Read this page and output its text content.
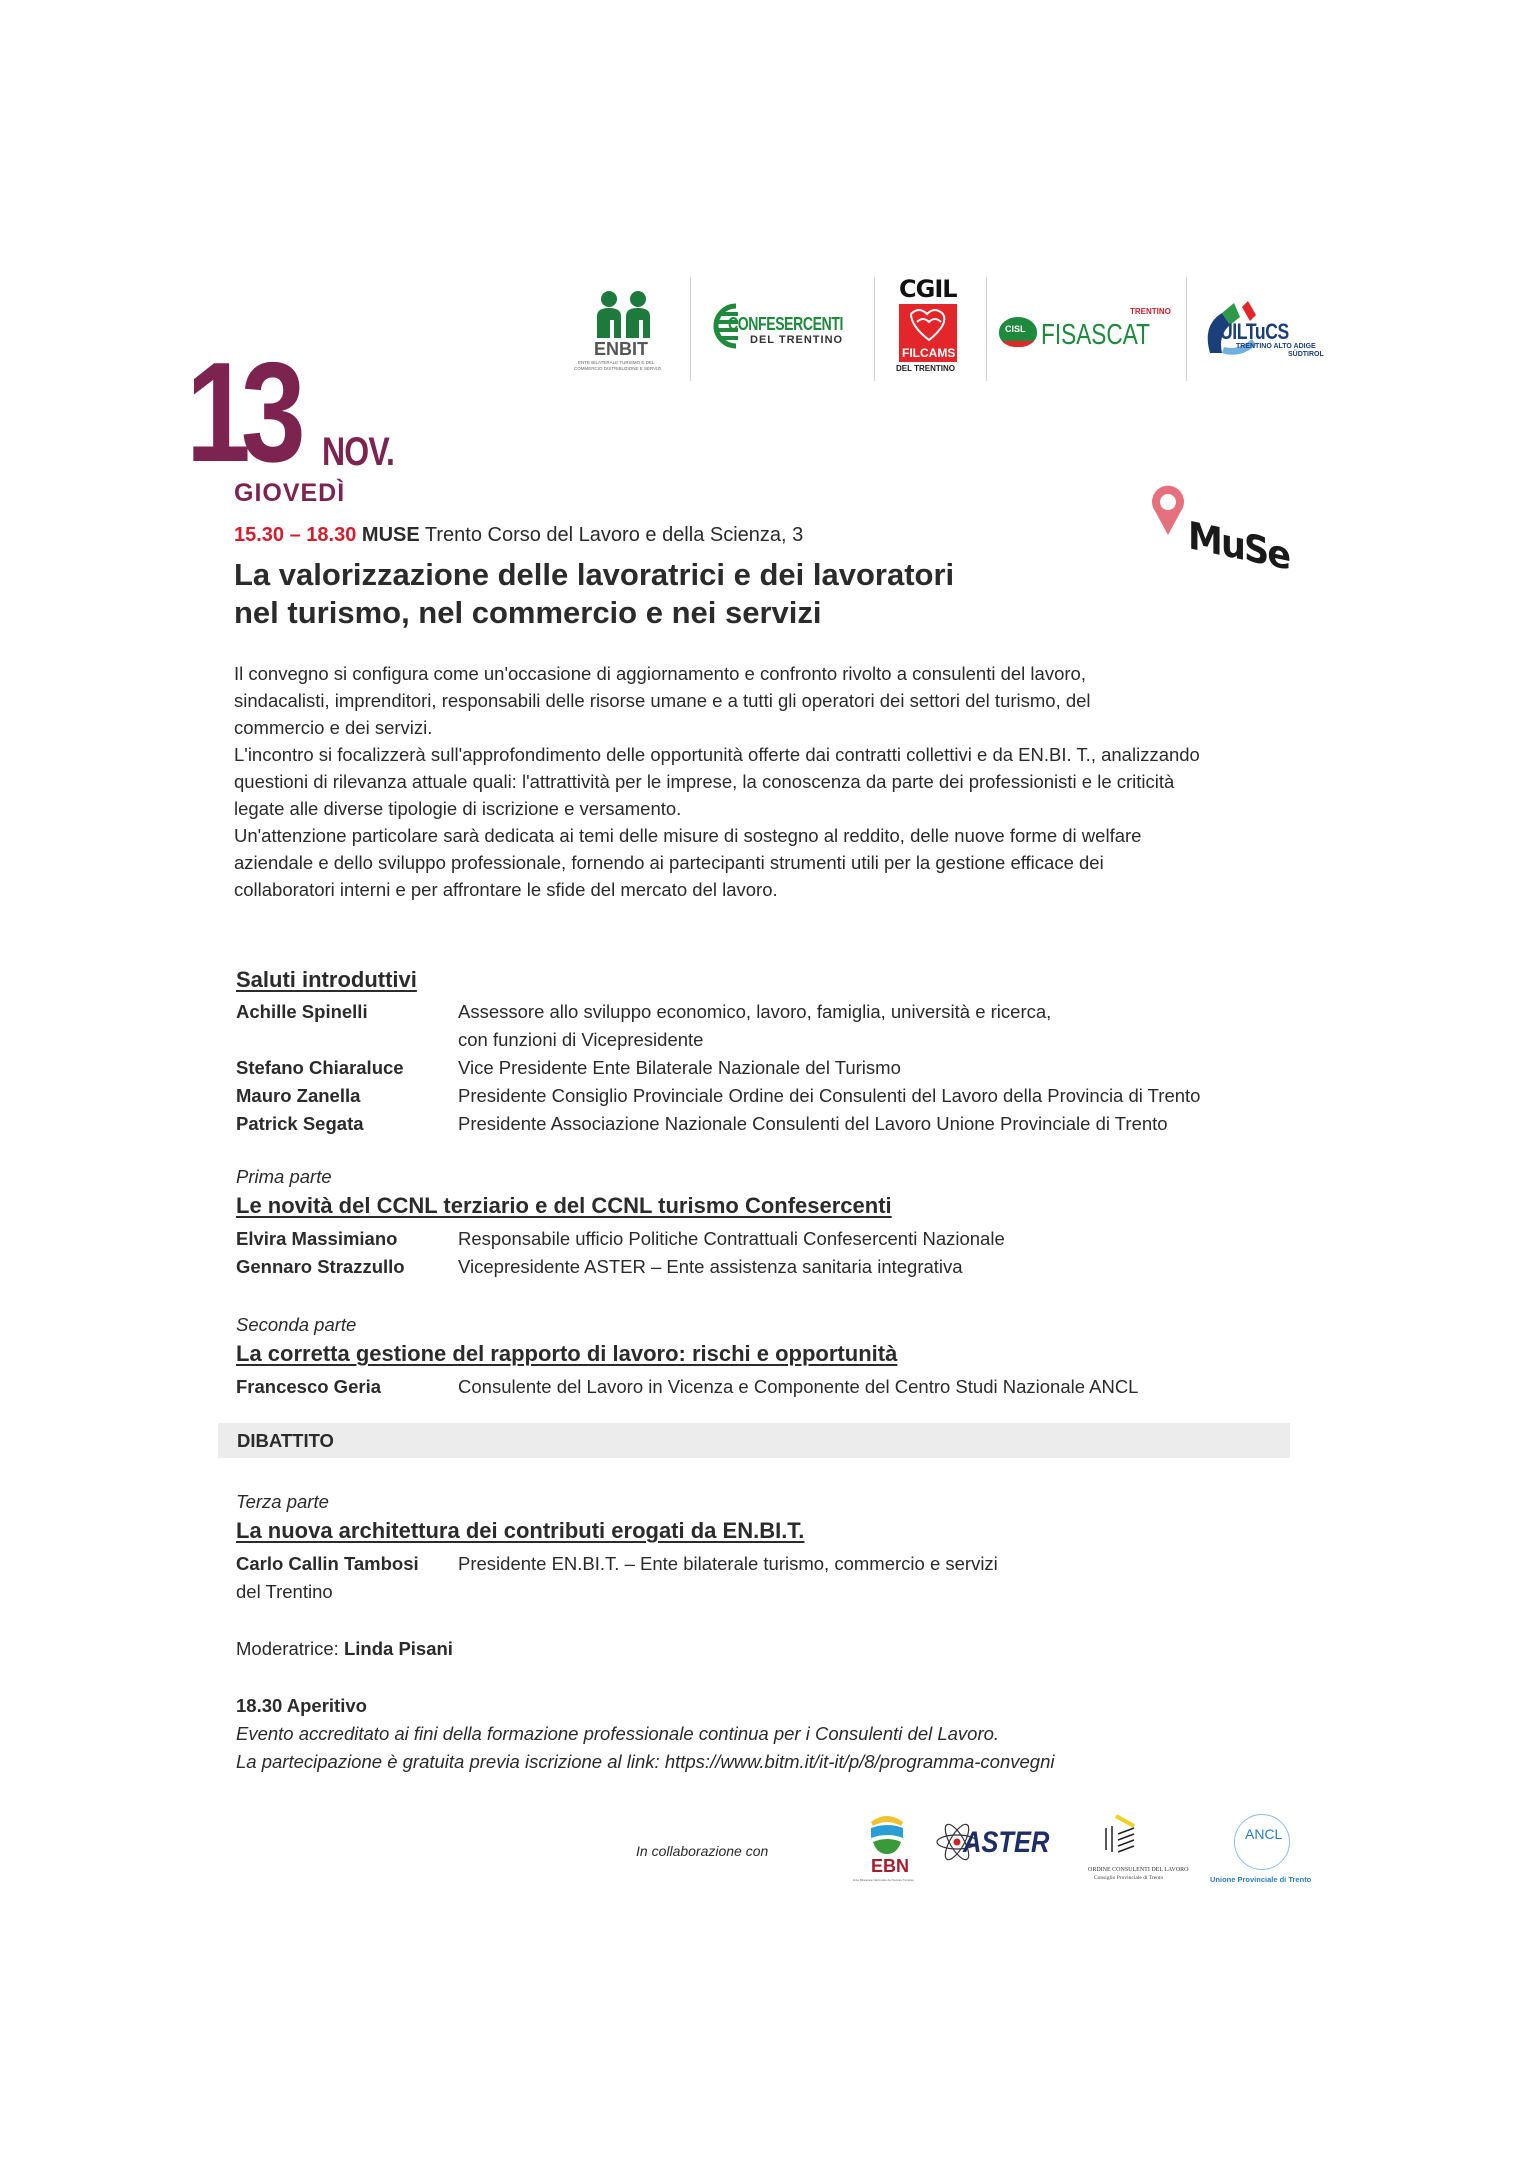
ENBIT
ENTE BILATERALE TURISMO E DEL
COMMERCIO DISTRIBUZIONE E SERVIZI
CONFESERCENTI
DEL TRENTINO
CGIL
FILCAMS
DEL TRENTINO
CISL
TRENTINO
FISASCAT	UILTuCS
TRENTINO ALTO ADIGE
SÜDTIROL
13 NOV.
GIOVEDÌ
MuSe
15.30 – 18.30 MUSE Trento Corso del Lavoro e della Scienza, 3
La valorizzazione delle lavoratrici e dei lavoratori
nel turismo, nel commercio e nei servizi

Il convegno si configura come un'occasione di aggiornamento e confronto rivolto a consulenti del lavoro,

sindacalisti, imprenditori, responsabili delle risorse umane e a tutti gli operatori dei settori del turismo, del

commercio e dei servizi.

L'incontro si focalizzerà sull'approfondimento delle opportunità offerte dai contratti collettivi e da EN.BI. T., analizzando

questioni di rilevanza attuale quali: l'attrattività per le imprese, la conoscenza da parte dei professionisti e le criticità

legate alle diverse tipologie di iscrizione e versamento.

Un'attenzione particolare sarà dedicata ai temi delle misure di sostegno al reddito, delle nuove forme di welfare

aziendale e dello sviluppo professionale, fornendo ai partecipanti strumenti utili per la gestione efficace dei

collaboratori interni e per affrontare le sfide del mercato del lavoro.

Saluti introduttivi
Achille Spinelli	Assessore allo sviluppo economico, lavoro, famiglia, università e ricerca,
con funzioni di Vicepresidente
Stefano Chiaraluce	Vice Presidente Ente Bilaterale Nazionale del Turismo
Mauro Zanella	Presidente Consiglio Provinciale Ordine dei Consulenti del Lavoro della Provincia di Trento
Patrick Segata	Presidente Associazione Nazionale Consulenti del Lavoro Unione Provinciale di Trento
Prima parte
Le novità del CCNL terziario e del CCNL turismo Confesercenti
Elvira Massimiano	Responsabile ufficio Politiche Contrattuali Confesercenti Nazionale
Gennaro Strazzullo	Vicepresidente ASTER – Ente assistenza sanitaria integrativa
Seconda parte
La corretta gestione del rapporto di lavoro: rischi e opportunità
Francesco Geria	Consulente del Lavoro in Vicenza e Componente del Centro Studi Nazionale ANCL
DIBATTITO
Terza parte
La nuova architettura dei contributi erogati da EN.BI.T.
Carlo Callin Tambosi Presidente EN.BI.T. – Ente bilaterale turismo, commercio e servizi
del Trentino
Moderatrice: Linda Pisani
18.30 Aperitivo
Evento accreditato ai fini della formazione professionale continua per i Consulenti del Lavoro.
La partecipazione è gratuita previa iscrizione al link: https://www.bitm.it/it-it/p/8/programma-convegni
In collaborazione con
EBN
Ente Bilaterale Nazionale del Settore Turistico
ASTER
ORDINE CONSULENTI DEL LAVORO
Consiglio Provinciale di Trento
ANCL
Unione Provinciale di Trento
